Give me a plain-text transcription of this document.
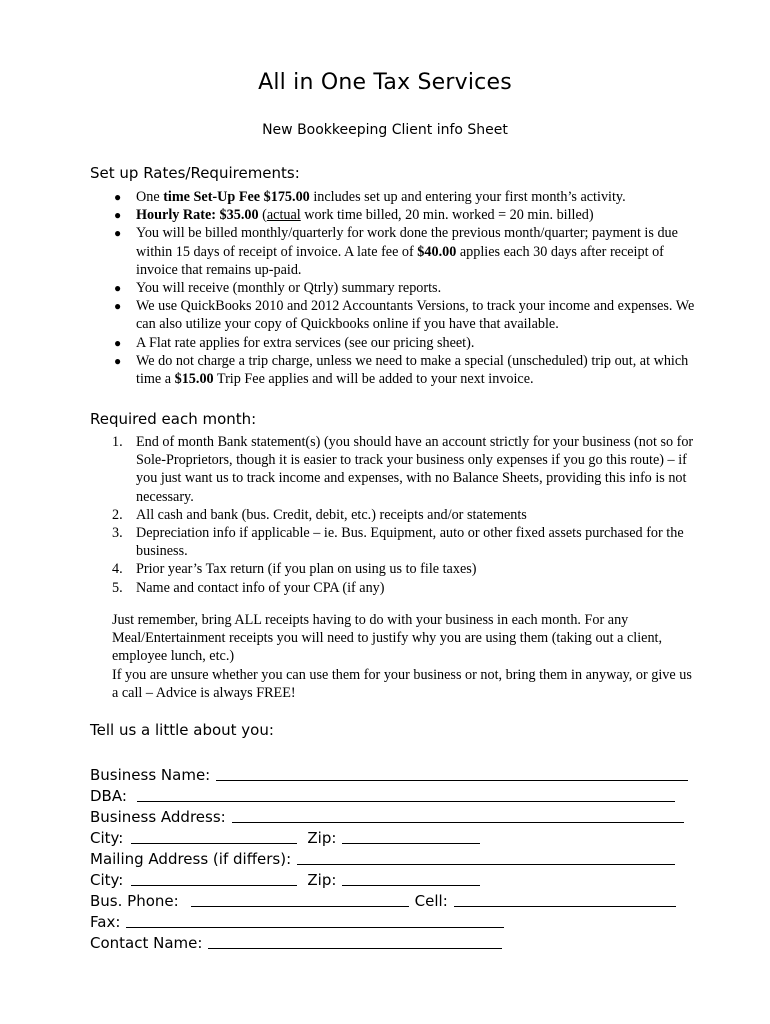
All in One Tax Services
New Bookkeeping Client info Sheet
Set up Rates/Requirements:
● One time Set-Up Fee $175.00 includes set up and entering your first month’s activity.
● Hourly Rate: $35.00 (actual work time billed, 20 min. worked = 20 min. billed)
● You will be billed monthly/quarterly for work done the previous month/quarter; payment is due within 15 days of receipt of invoice. A late fee of $40.00 applies each 30 days after receipt of invoice that remains up-paid.
● You will receive (monthly or Qtrly) summary reports.
● We use QuickBooks 2010 and 2012 Accountants Versions, to track your income and expenses. We can also utilize your copy of Quickbooks online if you have that available.
● A Flat rate applies for extra services (see our pricing sheet).
● We do not charge a trip charge, unless we need to make a special (unscheduled) trip out, at which time a $15.00 Trip Fee applies and will be added to your next invoice.
Required each month:
1. End of month Bank statement(s) (you should have an account strictly for your business (not so for Sole-Proprietors, though it is easier to track your business only expenses if you go this route) – if you just want us to track income and expenses, with no Balance Sheets, providing this info is not necessary.
2. All cash and bank (bus. Credit, debit, etc.) receipts and/or statements
3. Depreciation info if applicable – ie. Bus. Equipment, auto or other fixed assets purchased for the business.
4. Prior year’s Tax return (if you plan on using us to file taxes)
5. Name and contact info of your CPA (if any)
Just remember, bring ALL receipts having to do with your business in each month. For any Meal/Entertainment receipts you will need to justify why you are using them (taking out a client, employee lunch, etc.)
If you are unsure whether you can use them for your business or not, bring them in anyway, or give us a call – Advice is always FREE!
Tell us a little about you:
Business Name:
DBA:
Business Address:
City:	Zip:
Mailing Address (if differs):
City:	Zip:
Bus. Phone:	Cell:
Fax:
Contact Name:
